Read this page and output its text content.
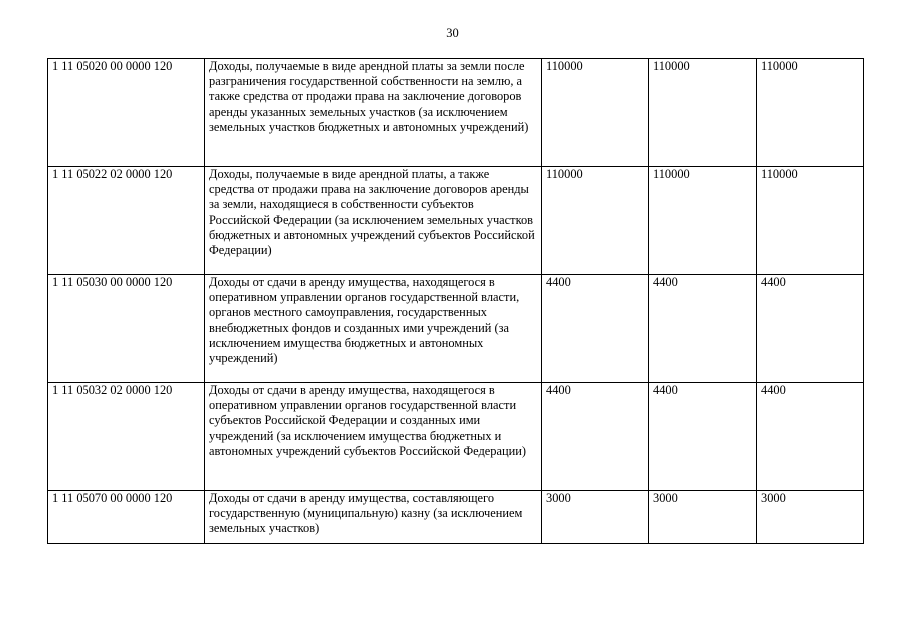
30
1 11 05020 00 0000 120	Доходы, получаемые в виде арендной платы за земли после разграничения государственной собственности на землю, а также средства от продажи права на заключение договоров аренды указанных земельных участков (за исключением земельных участков бюджетных и автономных учреждений)	110000	110000	110000
1 11 05022 02 0000 120	Доходы, получаемые в виде арендной платы, а также средства от продажи права на заключение договоров аренды за земли, находящиеся в собственности субъектов Российской Федерации (за исключением земельных участков бюджетных и автономных учреждений субъектов Российской Федерации)	110000	110000	110000
1 11 05030 00 0000 120	Доходы от сдачи в аренду имущества, находящегося в оперативном управлении органов государственной власти, органов местного самоуправления, государственных внебюджетных фондов и созданных ими учреждений (за исключением имущества бюджетных и автономных учреждений)	4400	4400	4400
1 11 05032 02 0000 120	Доходы от сдачи в аренду имущества, находящегося в оперативном управлении органов государственной власти субъектов Российской Федерации и созданных ими учреждений (за исключением имущества бюджетных и автономных учреждений субъектов Российской Федерации)	4400	4400	4400
1 11 05070 00 0000 120	Доходы от сдачи в аренду имущества, составляющего государственную (муниципальную) казну (за исключением земельных участков)	3000	3000	3000
